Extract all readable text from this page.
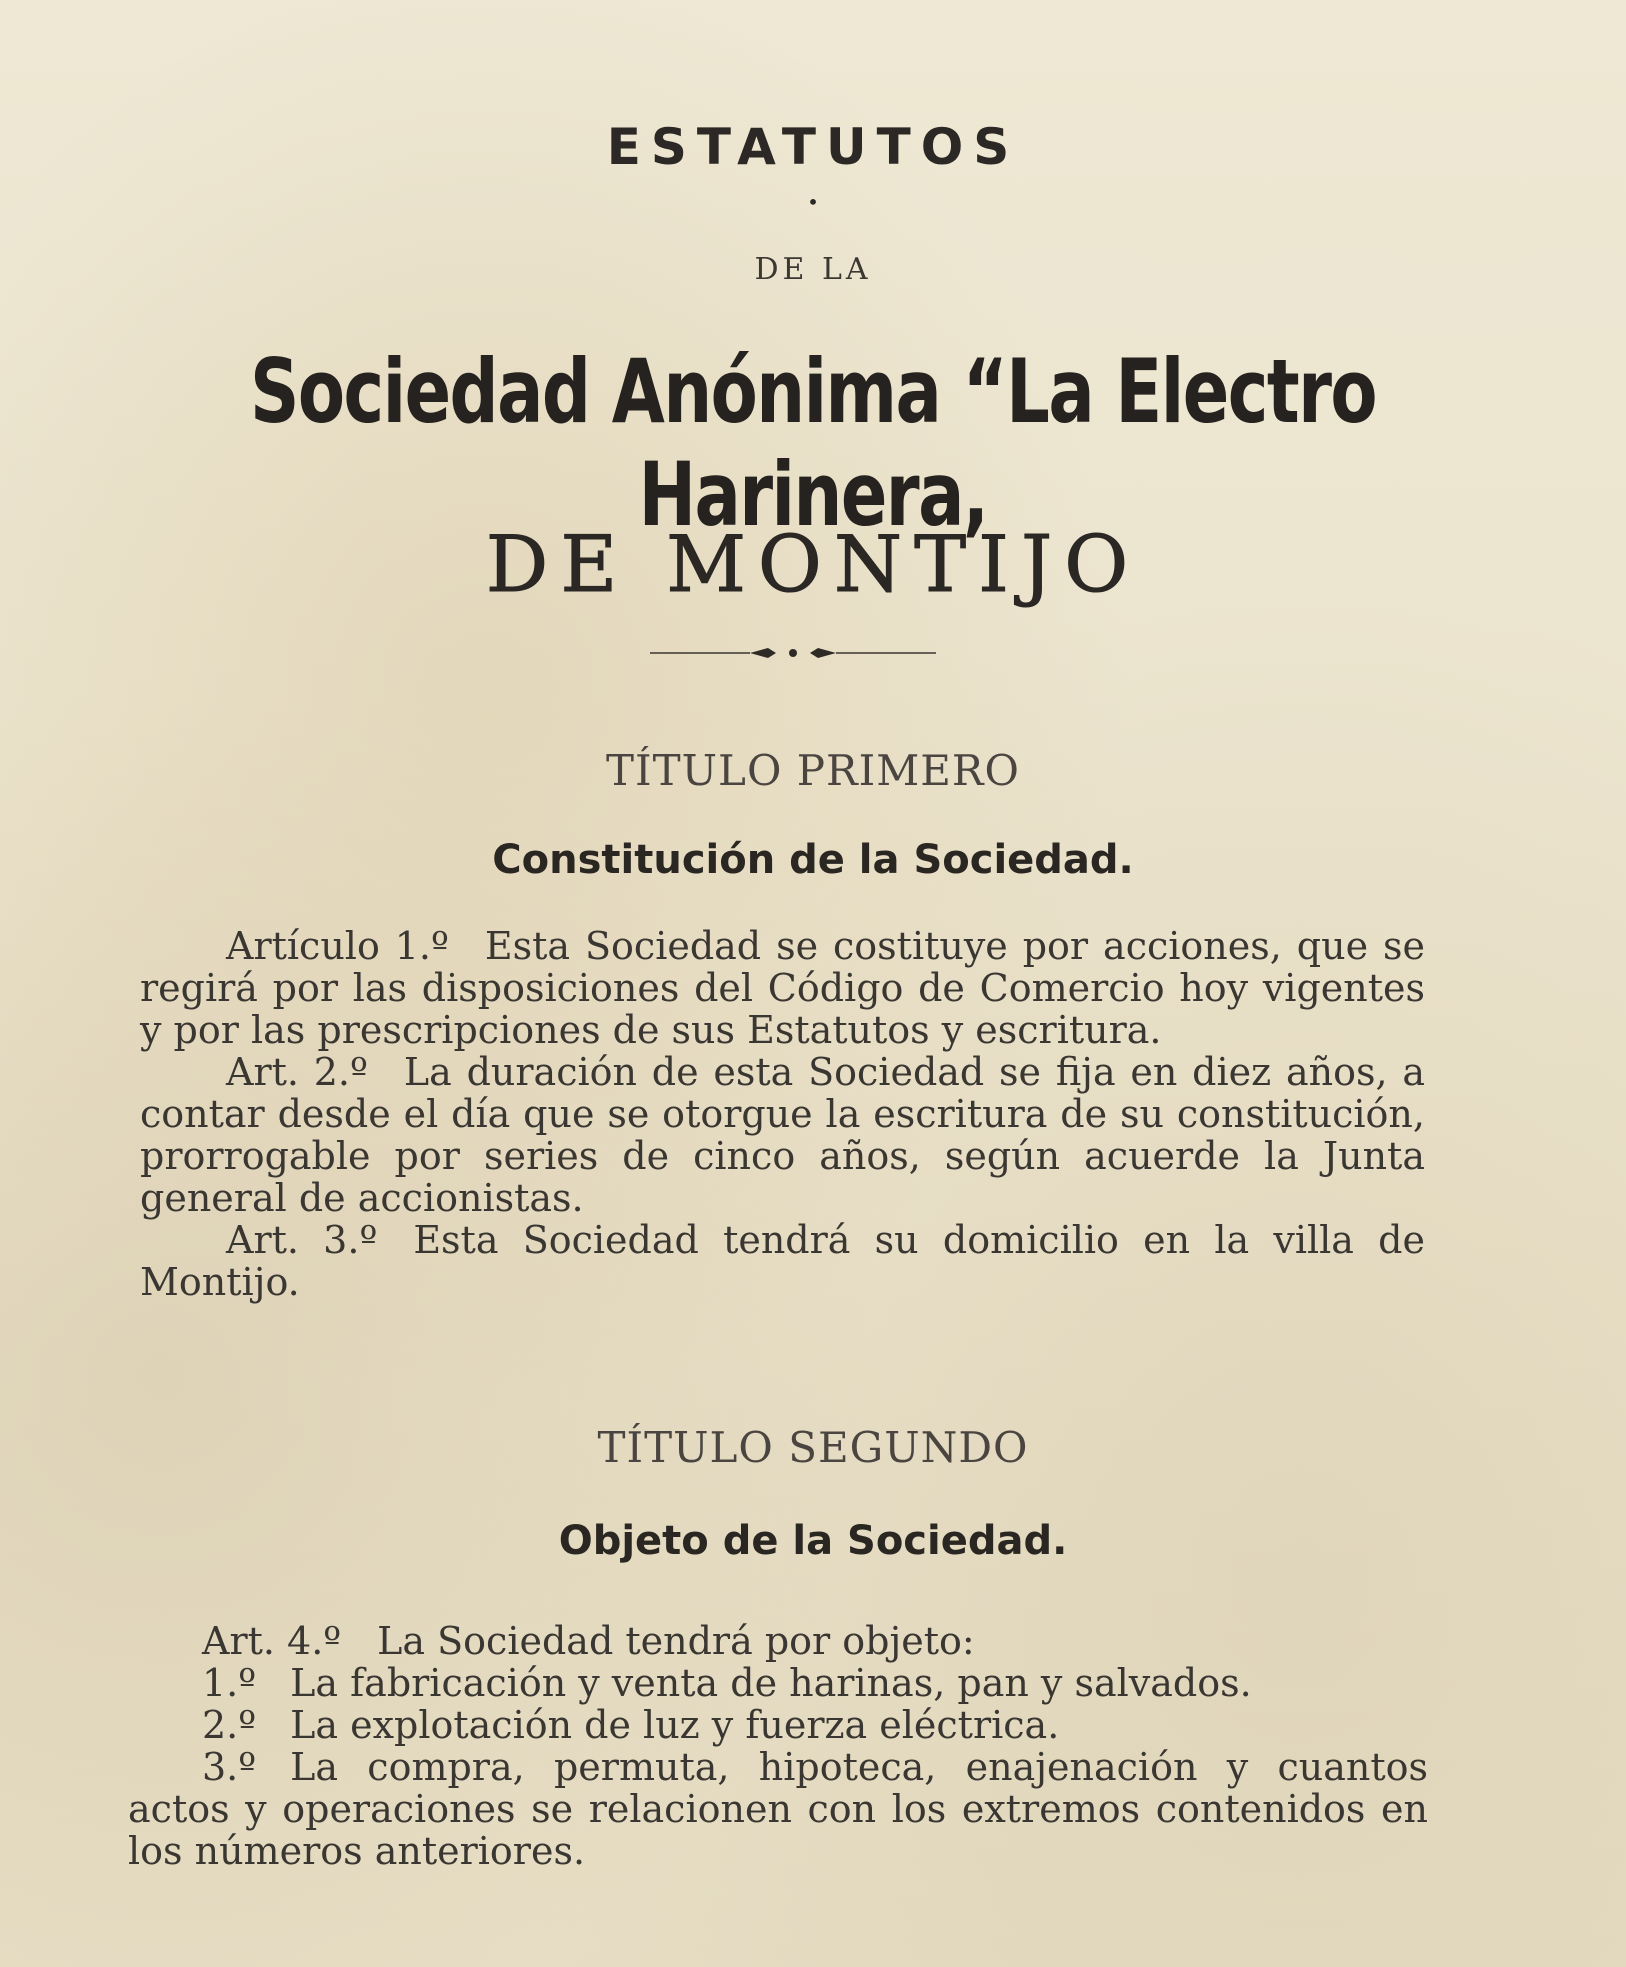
ESTATUTOS
•
DE LA
Sociedad Anónima “La Electro Harinera,
DE MONTIJO
TÍTULO PRIMERO
Constitución de la Sociedad.

Artículo 1.º Esta Sociedad se costituye por acciones, que se regirá por las disposiciones del Código de Comercio hoy vigentes y por las prescripciones de sus Estatutos y escritura.

Art. 2.º La duración de esta Sociedad se fija en diez años, a contar desde el día que se otorgue la escritura de su constitución, prorrogable por series de cinco años, según acuerde la Junta general de accionistas.

Art. 3.º Esta Sociedad tendrá su domicilio en la villa de Montijo.

TÍTULO SEGUNDO
Objeto de la Sociedad.

Art. 4.º La Sociedad tendrá por objeto:

1.º La fabricación y venta de harinas, pan y salvados.

2.º La explotación de luz y fuerza eléctrica.

3.º La compra, permuta, hipoteca, enajenación y cuantos actos y operaciones se relacionen con los extremos contenidos en los números anteriores.
